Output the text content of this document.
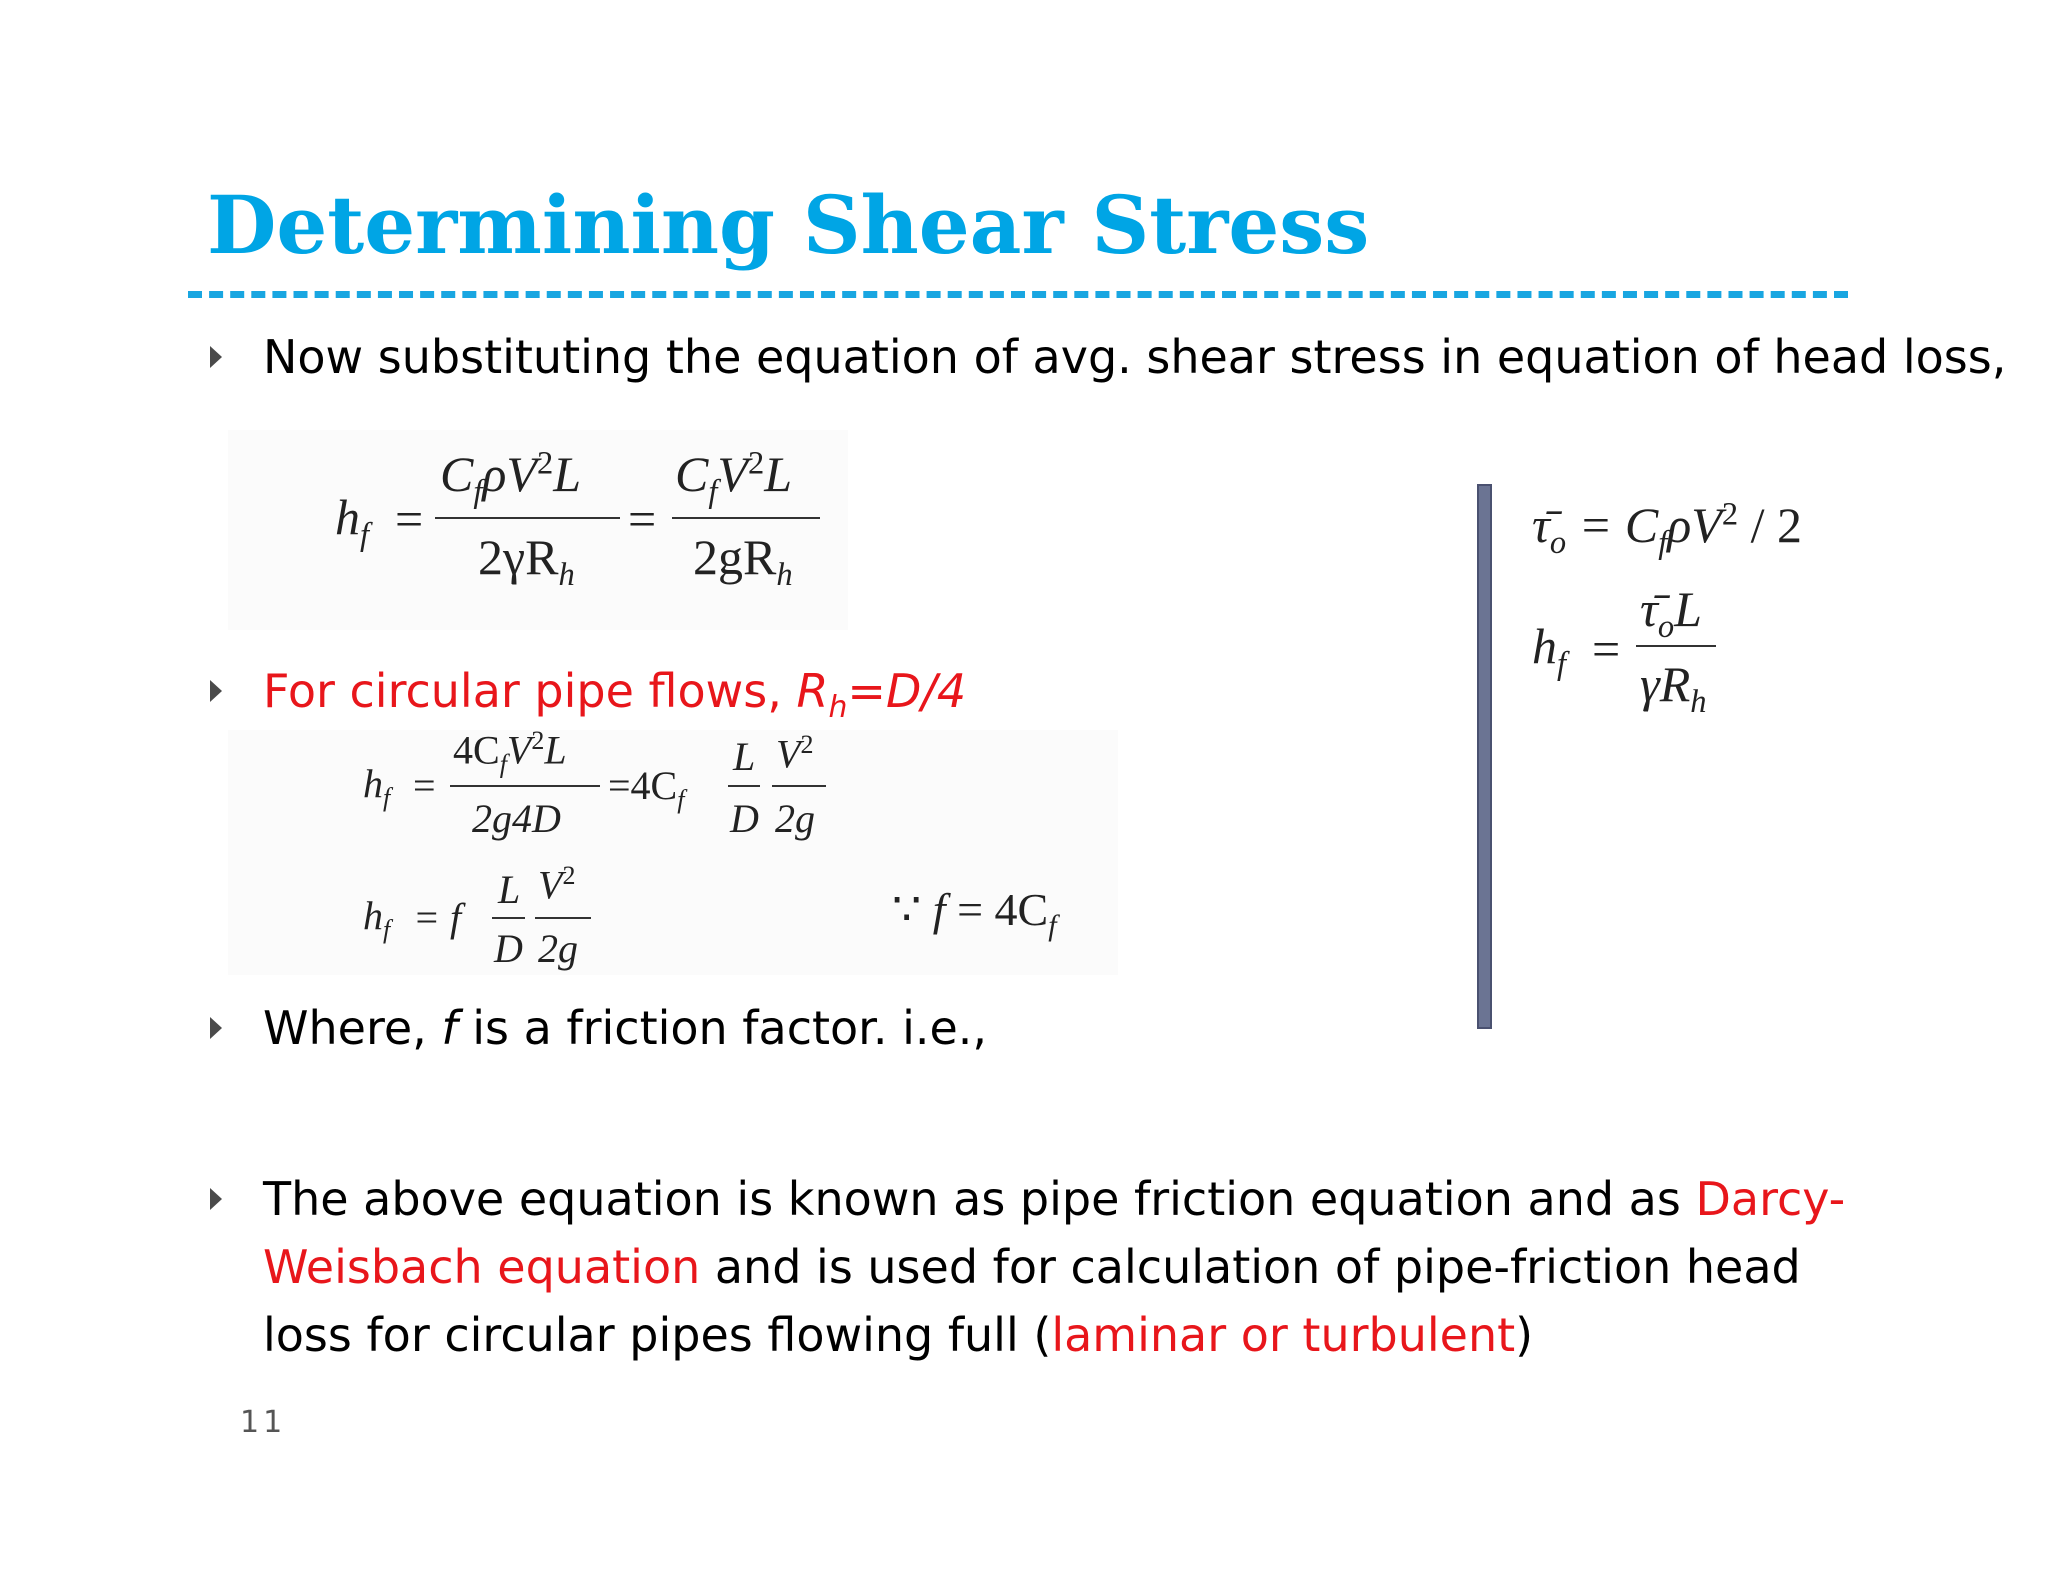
Determining Shear Stress
Now substituting the equation of avg. shear stress in equation of head loss,
$h_f$ =
$C_f\rho V^2L$
$2\gamma R_h$
=
$C_fV^2L$
$2gR_h$
For circular pipe flows, $R_h=D/4$
$h_f$ =
$4C_fV^2L$
2g4D
$=4C_f$
L
D
$V^2$
2g
$h_f = f$
L
D
$V^2$
2g
∵ $f = 4C_f$
Where, f is a friction factor. i.e.,
The above equation is known as pipe friction equation and as Darcy-
Weisbach equation and is used for calculation of pipe-friction head
loss for circular pipes flowing full (laminar or turbulent)
$\taū_o = C_f\rho V^2 / 2$
$h_f$ =
$\taū_oL$
$\gamma R_h$
11
